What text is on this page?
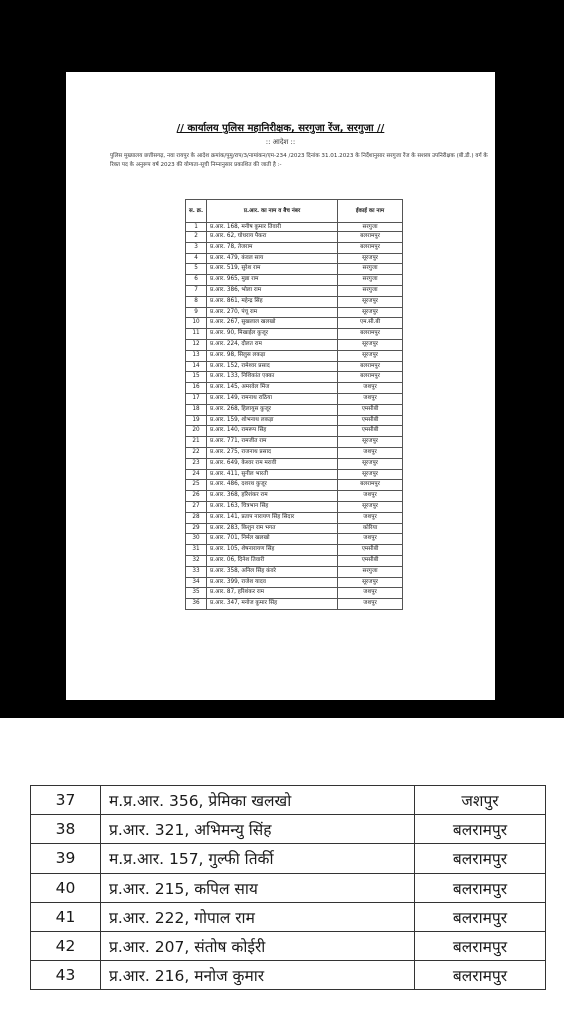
// कार्यालय पुलिस महानिरीक्षक, सरगुजा रेंज, सरगुजा //
:: आदेश ::
पुलिस मुख्यालय छत्तीसगढ़, नवा रायपुर के आदेश क्रमांक/पुमु/राप/3/नामांकन/एम-234 /2023 दिनांक 31.01.2023 के निर्देशानुसार सरगुजा रेंज के सशस्त्र उपनिरीक्षक (बी.डी.) वर्ग के रिक्त पद के अनुरूप वर्ष 2023 की योग्यता-सूची निम्नानुसार प्रकाशित की जाती है :-
स. क्र.	प्र.आर. का नाम व बैच नंबर	ईकाई का नाम
1	प्र.आर. 168, मनीष कुमार तिवारी	सरगुजा
2	प्र.आर. 62, घोधराय पैकरा	बलरामपुर
3	प्र.आर. 78, तेजराम	बलरामपुर
4	प्र.आर. 479, कंवल साय	सूरजपुर
5	प्र.आर. 519, सुरेश राम	सरगुजा
6	प्र.आर. 965, मुन्ना राम	सरगुजा
7	प्र.आर. 386, भोला राम	सरगुजा
8	प्र.आर. 861, महेन्द्र सिंह	सूरजपुर
9	प्र.आर. 270, पंचू राम	सूरजपुर
10	प्र.आर. 267, सुखलाल खलखो	एम.सी.बी
11	प्र.आर. 90, मिखाईल कुजूर	बलरामपुर
12	प्र.आर. 224, दौलत राम	सूरजपुर
13	प्र.आर. 98, सिलुस लकड़ा	सूरजपुर
14	प्र.आर. 152, रामेश्वर प्रसाद	बलरामपुर
15	प्र.आर. 133, निशिकांत एक्का	बलरामपुर
16	प्र.आर. 145, अमरवेल मिंज	जशपुर
17	प्र.आर. 149, रामनाथ राठिया	जशपुर
18	प्र.आर. 268, हिलायुस कुजूर	एमसीबी
19	प्र.आर. 159, शोभनाथ लकड़ा	एमसीबी
20	प्र.आर. 140, रामरूप सिंह	एमसीबी
21	प्र.आर. 771, रामजीत राम	सूरजपुर
22	प्र.आर. 275, राजनाथ प्रसाद	जशपुर
23	प्र.आर. 649, केश्वर राम मरावी	सूरजपुर
24	प्र.आर. 411, सुनील भारती	सूरजपुर
25	प्र.आर. 486, दशरथ कुजूर	बलरामपुर
26	प्र.आर. 368, हरिशंकर राम	जशपुर
27	प्र.आर. 163, चित्रभान सिंह	सूरजपुर
28	प्र.आर. 141, प्रताप नारायण सिंह सिदार	जशपुर
29	प्र.आर. 283, किशुन राम भगत	कोरिया
30	प्र.आर. 701, निर्मल खलखो	जशपुर
31	प्र.आर. 105, शेषनारायण सिंह	एमसीबी
32	प्र.आर. 06, दिनेश तिवारी	एमसीबी
33	प्र.आर. 358, अनिल सिंह कंवरे	सरगुजा
34	प्र.आर. 399, राजेश यादव	सूरजपुर
35	प्र.आर. 87, हरिशंकर राम	जशपुर
36	प्र.आर. 347, मनोज कुमार सिंह	जशपुर
37	म.प्र.आर. 356, प्रेमिका खलखो	जशपुर
38	प्र.आर. 321, अभिमन्यु सिंह	बलरामपुर
39	म.प्र.आर. 157, गुल्फी तिर्की	बलरामपुर
40	प्र.आर. 215, कपिल साय	बलरामपुर
41	प्र.आर. 222, गोपाल राम	बलरामपुर
42	प्र.आर. 207, संतोष कोईरी	बलरामपुर
43	प्र.आर. 216, मनोज कुमार	बलरामपुर
